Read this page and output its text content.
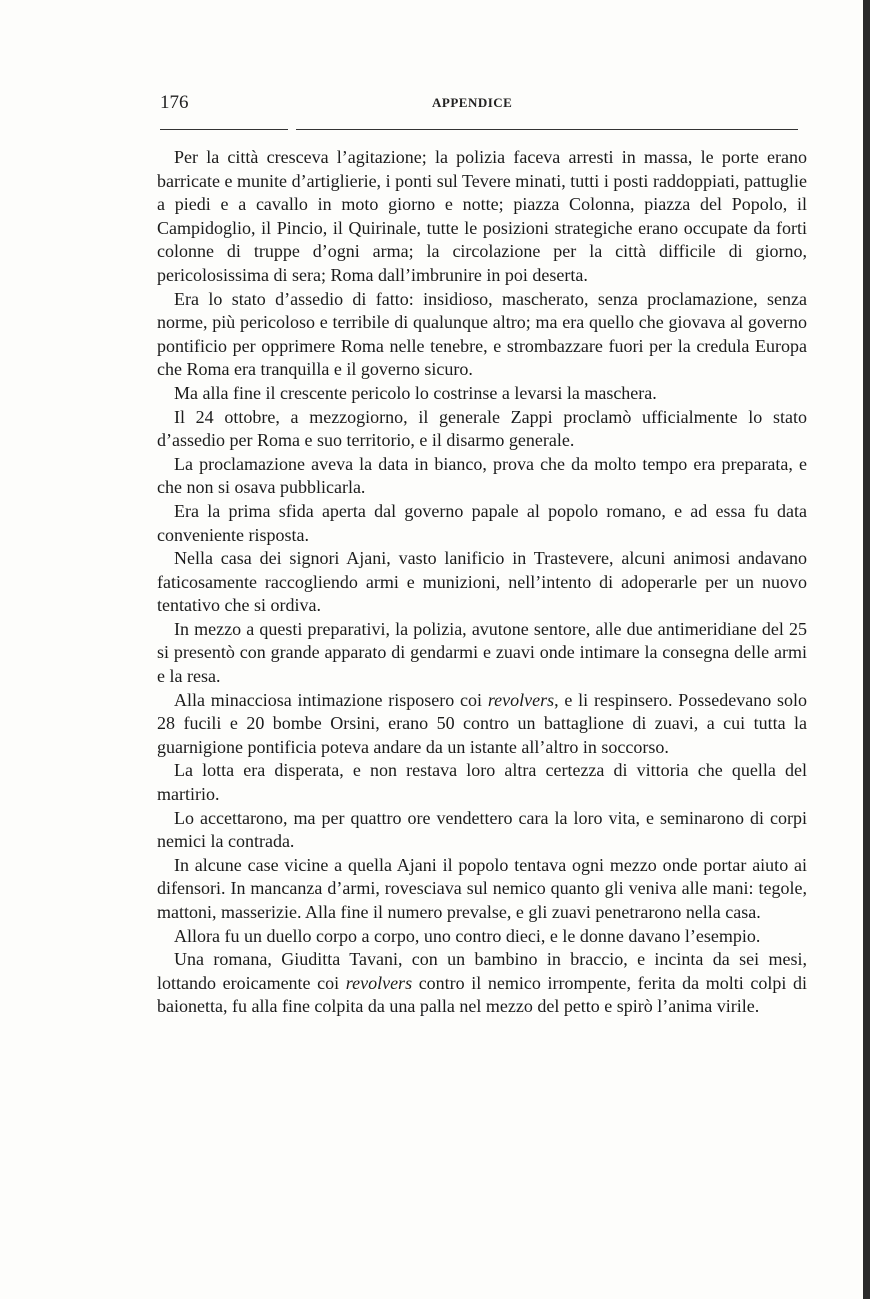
176	APPENDICE

Per la città cresceva l’agitazione; la polizia faceva arresti in massa, le porte erano barricate e munite d’artiglierie, i ponti sul Tevere minati, tutti i posti raddoppiati, pattuglie a piedi e a cavallo in moto giorno e notte; piazza Colonna, piazza del Popolo, il Campidoglio, il Pincio, il Quirinale, tutte le posizioni strategiche erano occupate da forti colonne di truppe d’ogni arma; la circolazione per la città difficile di giorno, pericolosissima di sera; Roma dall’imbrunire in poi deserta.

Era lo stato d’assedio di fatto: insidioso, mascherato, senza proclamazione, senza norme, più pericoloso e terribile di qualunque altro; ma era quello che giovava al governo pontificio per opprimere Roma nelle tenebre, e strombazzare fuori per la credula Europa che Roma era tranquilla e il governo sicuro.

Ma alla fine il crescente pericolo lo costrinse a levarsi la maschera.

Il 24 ottobre, a mezzogiorno, il generale Zappi proclamò ufficialmente lo stato d’assedio per Roma e suo territorio, e il disarmo generale.

La proclamazione aveva la data in bianco, prova che da molto tempo era preparata, e che non si osava pubblicarla.

Era la prima sfida aperta dal governo papale al popolo romano, e ad essa fu data conveniente risposta.

Nella casa dei signori Ajani, vasto lanificio in Trastevere, alcuni animosi andavano faticosamente raccogliendo armi e munizioni, nell’intento di adoperarle per un nuovo tentativo che si ordiva.

In mezzo a questi preparativi, la polizia, avutone sentore, alle due antimeridiane del 25 si presentò con grande apparato di gendarmi e zuavi onde intimare la consegna delle armi e la resa.

Alla minacciosa intimazione risposero coi revolvers, e li respinsero. Possedevano solo 28 fucili e 20 bombe Orsini, erano 50 contro un battaglione di zuavi, a cui tutta la guarnigione pontificia poteva andare da un istante all’altro in soccorso.

La lotta era disperata, e non restava loro altra certezza di vittoria che quella del martirio.

Lo accettarono, ma per quattro ore vendettero cara la loro vita, e seminarono di corpi nemici la contrada.

In alcune case vicine a quella Ajani il popolo tentava ogni mezzo onde portar aiuto ai difensori. In mancanza d’armi, rovesciava sul nemico quanto gli veniva alle mani: tegole, mattoni, masserizie. Alla fine il numero prevalse, e gli zuavi penetrarono nella casa.

Allora fu un duello corpo a corpo, uno contro dieci, e le donne davano l’esempio.

Una romana, Giuditta Tavani, con un bambino in braccio, e incinta da sei mesi, lottando eroicamente coi revolvers contro il nemico irrompente, ferita da molti colpi di baionetta, fu alla fine colpita da una palla nel mezzo del petto e spirò l’anima virile.
